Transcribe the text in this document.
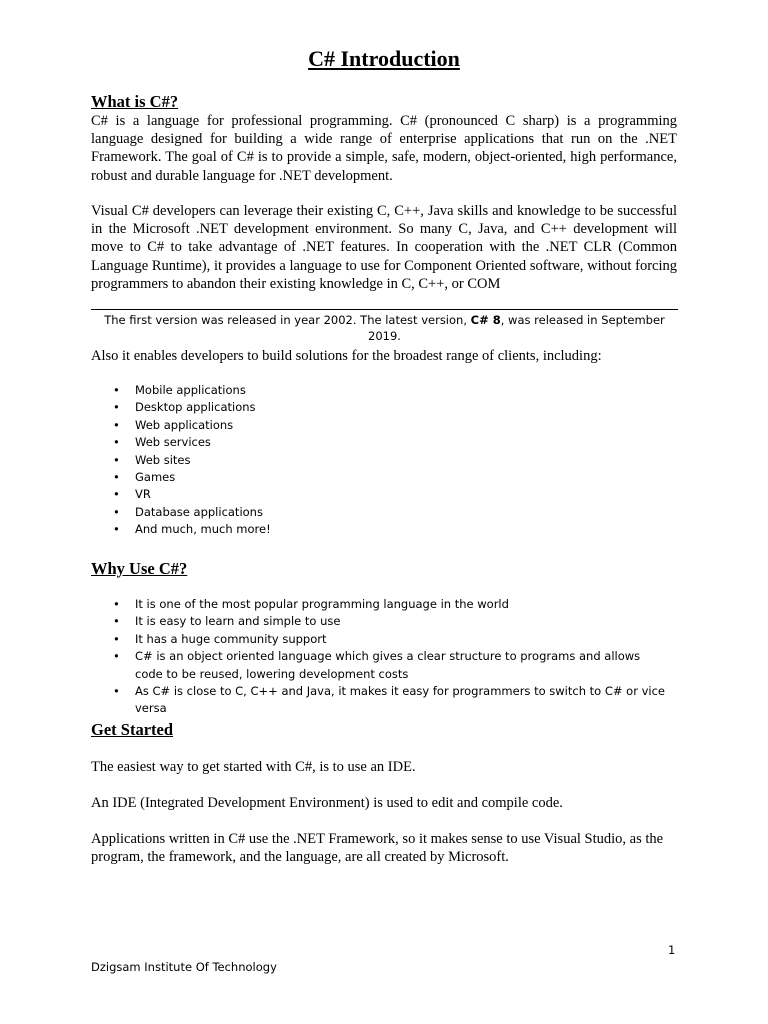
C# Introduction
What is C#?

C# is a language for professional programming. C# (pronounced C sharp) is a programming language designed for building a wide range of enterprise applications that run on the .NET Framework. The goal of C# is to provide a simple, safe, modern, object-oriented, high performance, robust and durable language for .NET development.

Visual C# developers can leverage their existing C, C++, Java skills and knowledge to be successful in the Microsoft .NET development environment. So many C, Java, and C++ development will move to C# to take advantage of .NET features. In cooperation with the .NET CLR (Common Language Runtime), it provides a language to use for Component Oriented software, without forcing programmers to abandon their existing knowledge in C, C++, or COM

The first version was released in year 2002. The latest version, C# 8, was released in September 2019.

Also it enables developers to build solutions for the broadest range of clients, including:

• Mobile applications
• Desktop applications
• Web applications
• Web services
• Web sites
• Games
• VR
• Database applications
• And much, much more!
Why Use C#?
• It is one of the most popular programming language in the world
• It is easy to learn and simple to use
• It has a huge community support
• C# is an object oriented language which gives a clear structure to programs and allows code to be reused, lowering development costs
• As C# is close to C, C++ and Java, it makes it easy for programmers to switch to C# or vice versa
Get Started

The easiest way to get started with C#, is to use an IDE.

An IDE (Integrated Development Environment) is used to edit and compile code.

Applications written in C# use the .NET Framework, so it makes sense to use Visual Studio, as the program, the framework, and the language, are all created by Microsoft.

1

Dzigsam Institute Of Technology
